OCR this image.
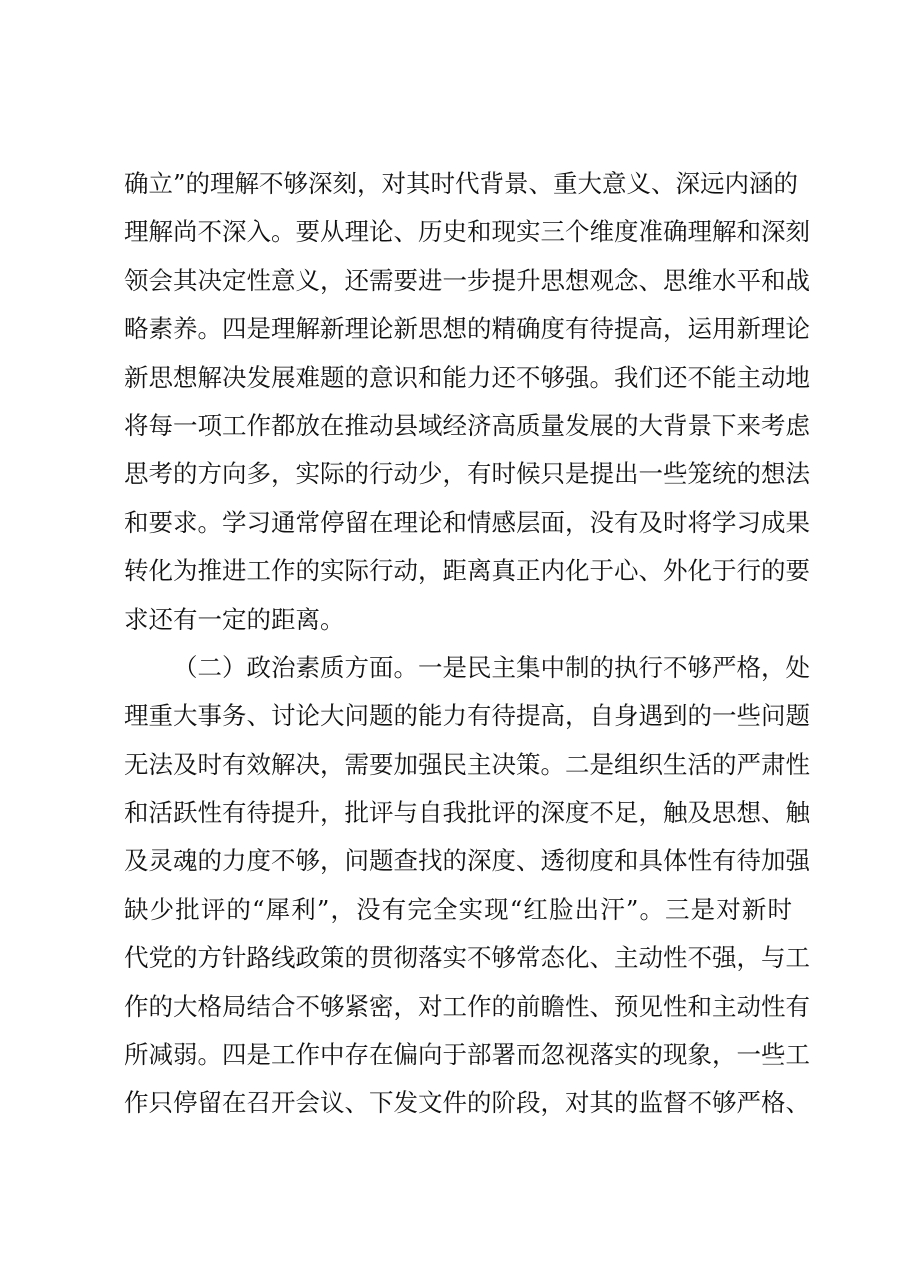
确立”的理解不够深刻，对其时代背景、重大意义、深远内涵的
理解尚不深入。要从理论、历史和现实三个维度准确理解和深刻
领会其决定性意义，还需要进一步提升思想观念、思维水平和战
略素养。四是理解新理论新思想的精确度有待提高，运用新理论
新思想解决发展难题的意识和能力还不够强。我们还不能主动地
将每一项工作都放在推动县域经济高质量发展的大背景下来考虑
思考的方向多，实际的行动少，有时候只是提出一些笼统的想法
和要求。学习通常停留在理论和情感层面，没有及时将学习成果
转化为推进工作的实际行动，距离真正内化于心、外化于行的要
求还有一定的距离。
（二）政治素质方面。一是民主集中制的执行不够严格，处
理重大事务、讨论大问题的能力有待提高，自身遇到的一些问题
无法及时有效解决，需要加强民主决策。二是组织生活的严肃性
和活跃性有待提升，批评与自我批评的深度不足，触及思想、触
及灵魂的力度不够，问题查找的深度、透彻度和具体性有待加强
缺少批评的“犀利”，没有完全实现“红脸出汗”。三是对新时
代党的方针路线政策的贯彻落实不够常态化、主动性不强，与工
作的大格局结合不够紧密，对工作的前瞻性、预见性和主动性有
所减弱。四是工作中存在偏向于部署而忽视落实的现象，一些工
作只停留在召开会议、下发文件的阶段，对其的监督不够严格、
